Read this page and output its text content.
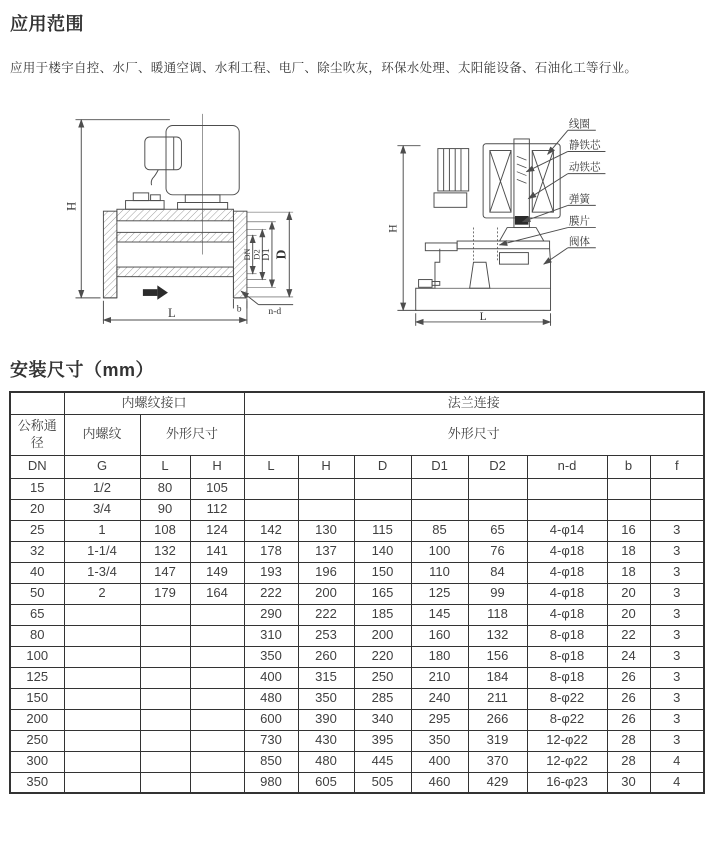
应用范围

应用于楼宇自控、水厂、暖通空调、水利工程、电厂、除尘吹灰，环保水处理、太阳能设备、石油化工等行业。

H
L
DN D2 D1 D
b	n-d
线圈
静铁芯
动铁芯
弹簧
膜片
阀体
H
L
安装尺寸（mm）
	内螺纹接口			法兰连接							
公称通径	内螺纹	外形尺寸		外形尺寸							
DN	G	L	H	L	H	D	D1	D2	n-d	b	f
15	1/2	80	105								
20	3/4	90	112								
25	1	108	124	142	130	115	85	65	4-φ14	16	3
32	1-1/4	132	141	178	137	140	100	76	4-φ18	18	3
40	1-3/4	147	149	193	196	150	110	84	4-φ18	18	3
50	2	179	164	222	200	165	125	99	4-φ18	20	3
65				290	222	185	145	118	4-φ18	20	3
80				310	253	200	160	132	8-φ18	22	3
100				350	260	220	180	156	8-φ18	24	3
125				400	315	250	210	184	8-φ18	26	3
150				480	350	285	240	211	8-φ22	26	3
200				600	390	340	295	266	8-φ22	26	3
250				730	430	395	350	319	12-φ22	28	3
300				850	480	445	400	370	12-φ22	28	4
350				980	605	505	460	429	16-φ23	30	4
